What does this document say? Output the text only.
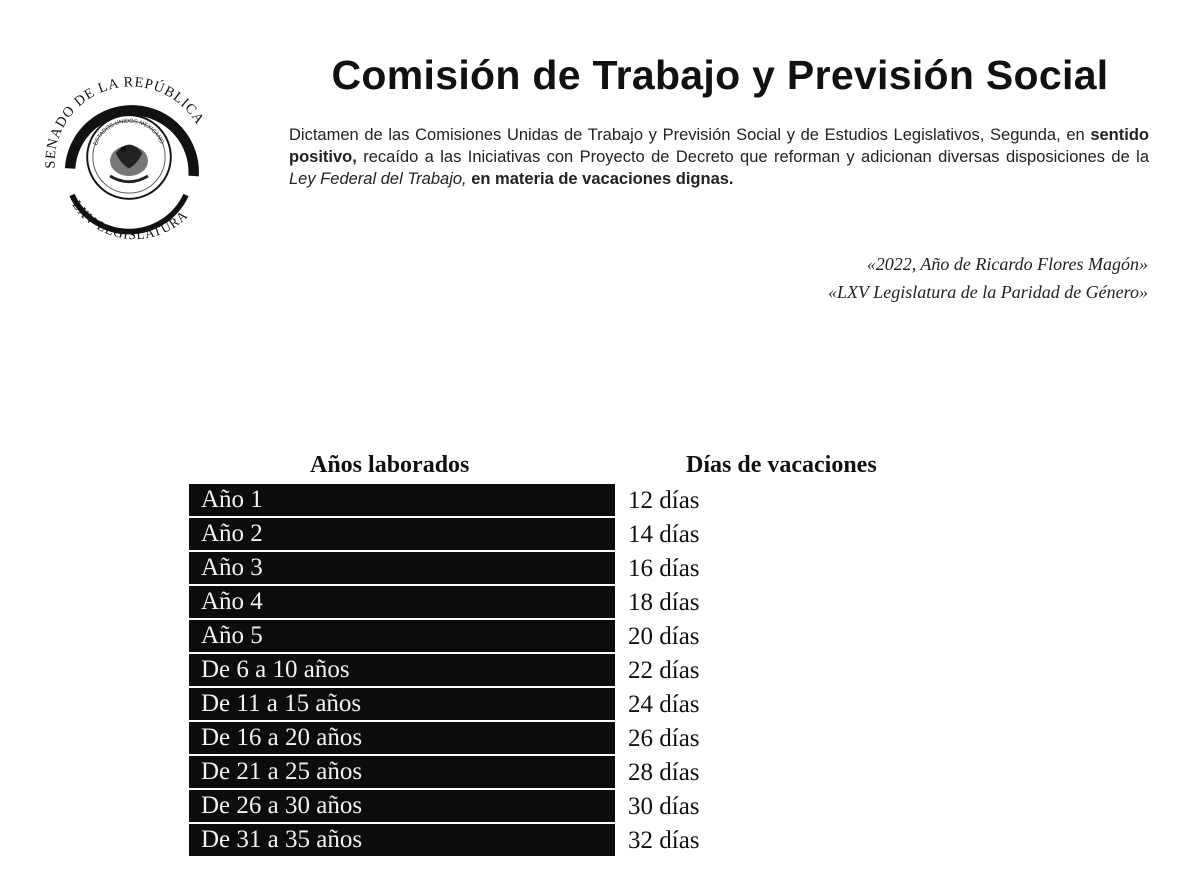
SENADO DE LA REPÚBLICA
ESTADOS UNIDOS MEXICANO
LXV LEGISLATURA
Comisión de Trabajo y Previsión Social
Dictamen de las Comisiones Unidas de Trabajo y Previsión Social y de Estudios Legislativos, Segunda, en sentido positivo, recaído a las Iniciativas con Proyecto de Decreto que reforman y adicionan diversas disposiciones de la Ley Federal del Trabajo, en materia de vacaciones dignas.
«2022, Año de Ricardo Flores Magón»
«LXV Legislatura de la Paridad de Género»
Años laborados	Días de vacaciones
Año 1	12 días
Año 2	14 días
Año 3	16 días
Año 4	18 días
Año 5	20 días
De 6 a 10 años	22 días
De 11 a 15 años	24 días
De 16 a 20 años	26 días
De 21 a 25 años	28 días
De 26 a 30 años	30 días
De 31 a 35 años	32 días
